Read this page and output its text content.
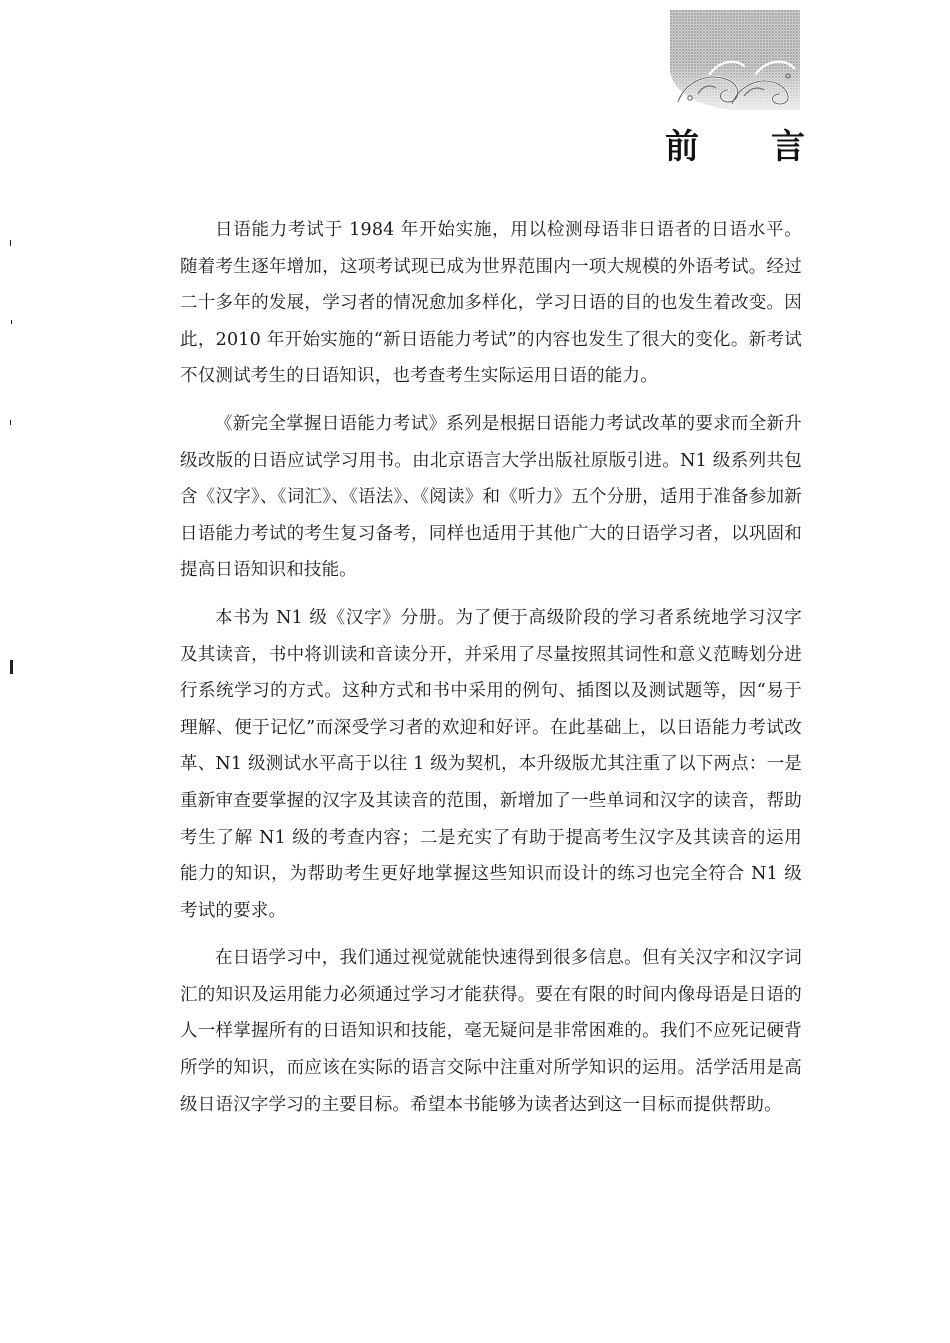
前 言

日语能力考试于 1984 年开始实施，用以检测母语非日语者的日语水平。随着考生逐年增加，这项考试现已成为世界范围内一项大规模的外语考试。经过二十多年的发展，学习者的情况愈加多样化，学习日语的目的也发生着改变。因此，2010 年开始实施的“新日语能力考试”的内容也发生了很大的变化。新考试不仅测试考生的日语知识，也考查考生实际运用日语的能力。

《新完全掌握日语能力考试》系列是根据日语能力考试改革的要求而全新升级改版的日语应试学习用书。由北京语言大学出版社原版引进。N1 级系列共包含《汉字》、《词汇》、《语法》、《阅读》和《听力》五个分册，适用于准备参加新日语能力考试的考生复习备考，同样也适用于其他广大的日语学习者，以巩固和提高日语知识和技能。

本书为 N1 级《汉字》分册。为了便于高级阶段的学习者系统地学习汉字及其读音，书中将训读和音读分开，并采用了尽量按照其词性和意义范畴划分进行系统学习的方式。这种方式和书中采用的例句、插图以及测试题等，因“易于理解、便于记忆”而深受学习者的欢迎和好评。在此基础上，以日语能力考试改革、N1 级测试水平高于以往 1 级为契机，本升级版尤其注重了以下两点：一是重新审查要掌握的汉字及其读音的范围，新增加了一些单词和汉字的读音，帮助考生了解 N1 级的考查内容；二是充实了有助于提高考生汉字及其读音的运用能力的知识，为帮助考生更好地掌握这些知识而设计的练习也完全符合 N1 级考试的要求。

在日语学习中，我们通过视觉就能快速得到很多信息。但有关汉字和汉字词汇的知识及运用能力必须通过学习才能获得。要在有限的时间内像母语是日语的人一样掌握所有的日语知识和技能，毫无疑问是非常困难的。我们不应死记硬背所学的知识，而应该在实际的语言交际中注重对所学知识的运用。活学活用是高级日语汉字学习的主要目标。希望本书能够为读者达到这一目标而提供帮助。
